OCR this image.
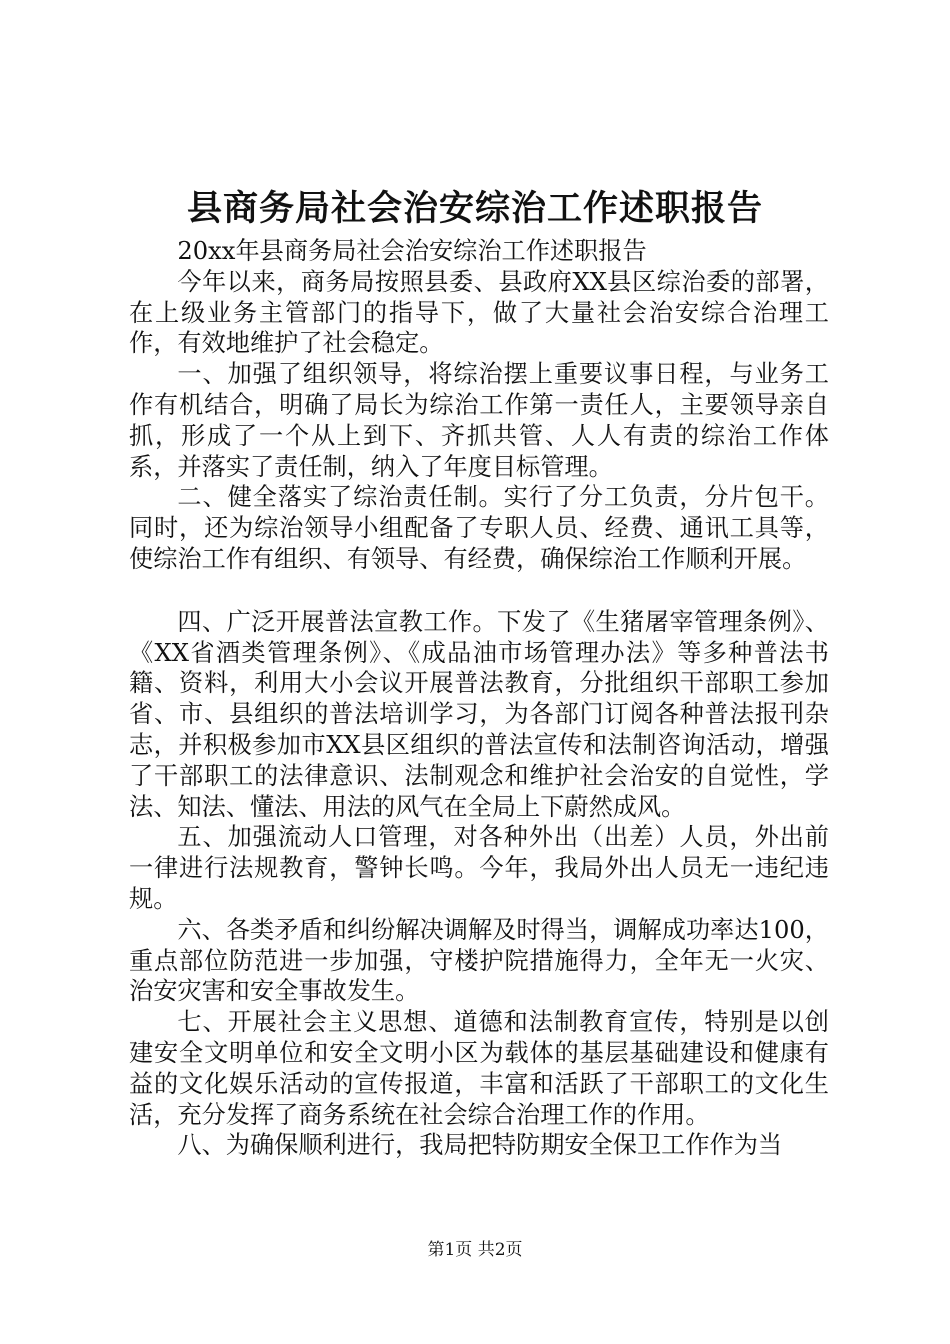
县商务局社会治安综治工作述职报告

20xx年县商务局社会治安综治工作述职报告

今年以来，商务局按照县委、县政府XX县区综治委的部署，在上级业务主管部门的指导下，做了大量社会治安综合治理工作，有效地维护了社会稳定。

一、加强了组织领导，将综治摆上重要议事日程，与业务工作有机结合，明确了局长为综治工作第一责任人，主要领导亲自抓，形成了一个从上到下、齐抓共管、人人有责的综治工作体系，并落实了责任制，纳入了年度目标管理。

二、健全落实了综治责任制。实行了分工负责，分片包干。同时，还为综治领导小组配备了专职人员、经费、通讯工具等，使综治工作有组织、有领导、有经费，确保综治工作顺利开展。

四、广泛开展普法宣教工作。下发了《生猪屠宰管理条例》、《XX省酒类管理条例》、《成品油市场管理办法》等多种普法书籍、资料，利用大小会议开展普法教育，分批组织干部职工参加省、市、县组织的普法培训学习，为各部门订阅各种普法报刊杂志，并积极参加市XX县区组织的普法宣传和法制咨询活动，增强了干部职工的法律意识、法制观念和维护社会治安的自觉性，学法、知法、懂法、用法的风气在全局上下蔚然成风。

五、加强流动人口管理，对各种外出（出差）人员，外出前一律进行法规教育，警钟长鸣。今年，我局外出人员无一违纪违规。

六、各类矛盾和纠纷解决调解及时得当，调解成功率达100，重点部位防范进一步加强，守楼护院措施得力，全年无一火灾、治安灾害和安全事故发生。

七、开展社会主义思想、道德和法制教育宣传，特别是以创建安全文明单位和安全文明小区为载体的基层基础建设和健康有益的文化娱乐活动的宣传报道，丰富和活跃了干部职工的文化生活，充分发挥了商务系统在社会综合治理工作的作用。

八、为确保顺利进行，我局把特防期安全保卫工作作为当

第1页 共2页
